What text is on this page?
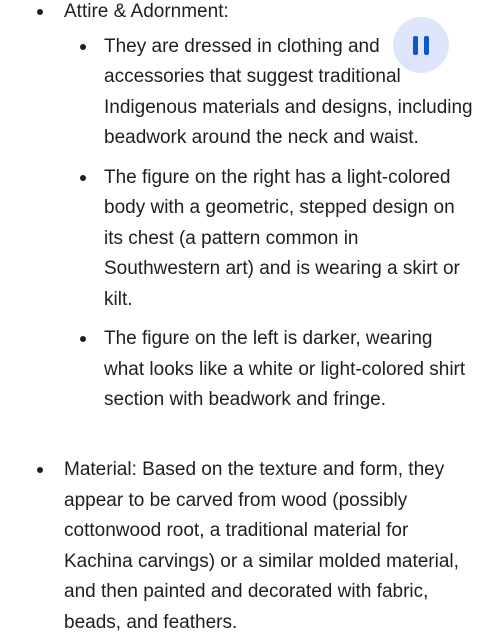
Attire & Adornment:
They are dressed in clothing and accessories that suggest traditional Indigenous materials and designs, including beadwork around the neck and waist.
The figure on the right has a light-colored body with a geometric, stepped design on its chest (a pattern common in Southwestern art) and is wearing a skirt or kilt.
The figure on the left is darker, wearing what looks like a white or light-colored shirt section with beadwork and fringe.
Material: Based on the texture and form, they appear to be carved from wood (possibly cottonwood root, a traditional material for Kachina carvings) or a similar molded material, and then painted and decorated with fabric, beads, and feathers.
